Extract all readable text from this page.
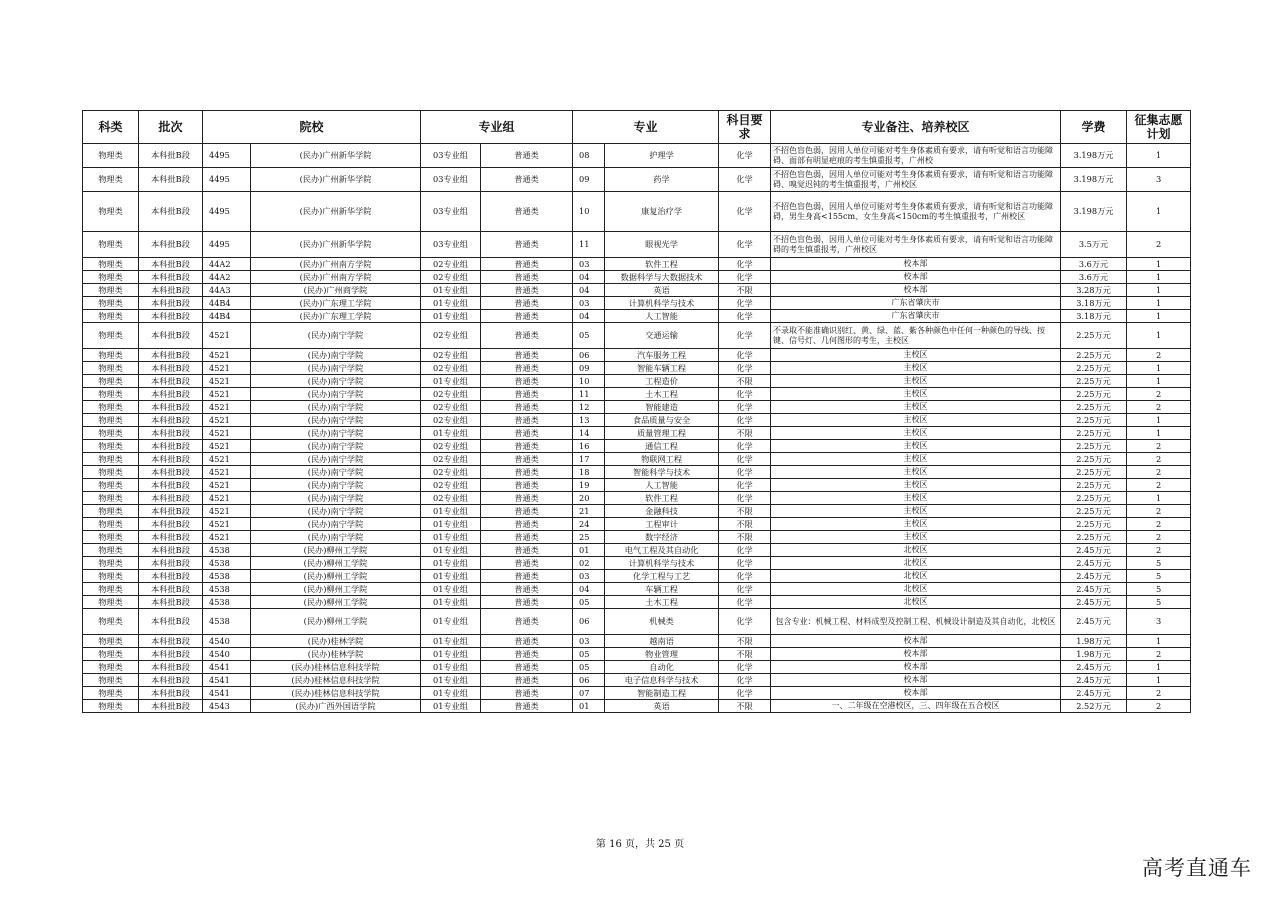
科类	批次	院校		专业组		专业		科目要求	专业备注、培养校区	学费	征集志愿计划
物理类	本科批B段	4495	(民办)广州新华学院	03专业组	普通类	08	护理学	化学	不招色盲色弱，因用人单位可能对考生身体素质有要求，请有听觉和语言功能障碍、面部有明显疤痕的考生慎重报考，广州校	3.198万元	1
物理类	本科批B段	4495	(民办)广州新华学院	03专业组	普通类	09	药学	化学	不招色盲色弱，因用人单位可能对考生身体素质有要求，请有听觉和语言功能障碍、嗅觉迟钝的考生慎重报考，广州校区	3.198万元	3
物理类	本科批B段	4495	(民办)广州新华学院	03专业组	普通类	10	康复治疗学	化学	不招色盲色弱，因用人单位可能对考生身体素质有要求，请有听觉和语言功能障碍，男生身高<155cm、女生身高<150cm的考生慎重报考，广州校区	3.198万元	1
物理类	本科批B段	4495	(民办)广州新华学院	03专业组	普通类	11	眼视光学	化学	不招色盲色弱，因用人单位可能对考生身体素质有要求，请有听觉和语言功能障碍的考生慎重报考，广州校区	3.5万元	2
物理类	本科批B段	44A2	(民办)广州南方学院	02专业组	普通类	03	软件工程	化学	校本部	3.6万元	1
物理类	本科批B段	44A2	(民办)广州南方学院	02专业组	普通类	04	数据科学与大数据技术	化学	校本部	3.6万元	1
物理类	本科批B段	44A3	(民办)广州商学院	01专业组	普通类	04	英语	不限	校本部	3.28万元	1
物理类	本科批B段	44B4	(民办)广东理工学院	01专业组	普通类	03	计算机科学与技术	化学	广东省肇庆市	3.18万元	1
物理类	本科批B段	44B4	(民办)广东理工学院	01专业组	普通类	04	人工智能	化学	广东省肇庆市	3.18万元	1
物理类	本科批B段	4521	(民办)南宁学院	02专业组	普通类	05	交通运输	化学	不录取不能准确识别红、黄、绿、蓝、紫各种颜色中任何一种颜色的导线、按键、信号灯、几何图形的考生，主校区	2.25万元	1
物理类	本科批B段	4521	(民办)南宁学院	02专业组	普通类	06	汽车服务工程	化学	主校区	2.25万元	2
物理类	本科批B段	4521	(民办)南宁学院	02专业组	普通类	09	智能车辆工程	化学	主校区	2.25万元	1
物理类	本科批B段	4521	(民办)南宁学院	01专业组	普通类	10	工程造价	不限	主校区	2.25万元	1
物理类	本科批B段	4521	(民办)南宁学院	02专业组	普通类	11	土木工程	化学	主校区	2.25万元	2
物理类	本科批B段	4521	(民办)南宁学院	02专业组	普通类	12	智能建造	化学	主校区	2.25万元	2
物理类	本科批B段	4521	(民办)南宁学院	02专业组	普通类	13	食品质量与安全	化学	主校区	2.25万元	1
物理类	本科批B段	4521	(民办)南宁学院	01专业组	普通类	14	质量管理工程	不限	主校区	2.25万元	1
物理类	本科批B段	4521	(民办)南宁学院	02专业组	普通类	16	通信工程	化学	主校区	2.25万元	2
物理类	本科批B段	4521	(民办)南宁学院	02专业组	普通类	17	物联网工程	化学	主校区	2.25万元	2
物理类	本科批B段	4521	(民办)南宁学院	02专业组	普通类	18	智能科学与技术	化学	主校区	2.25万元	2
物理类	本科批B段	4521	(民办)南宁学院	02专业组	普通类	19	人工智能	化学	主校区	2.25万元	2
物理类	本科批B段	4521	(民办)南宁学院	02专业组	普通类	20	软件工程	化学	主校区	2.25万元	1
物理类	本科批B段	4521	(民办)南宁学院	01专业组	普通类	21	金融科技	不限	主校区	2.25万元	2
物理类	本科批B段	4521	(民办)南宁学院	01专业组	普通类	24	工程审计	不限	主校区	2.25万元	2
物理类	本科批B段	4521	(民办)南宁学院	01专业组	普通类	25	数字经济	不限	主校区	2.25万元	2
物理类	本科批B段	4538	(民办)柳州工学院	01专业组	普通类	01	电气工程及其自动化	化学	北校区	2.45万元	2
物理类	本科批B段	4538	(民办)柳州工学院	01专业组	普通类	02	计算机科学与技术	化学	北校区	2.45万元	5
物理类	本科批B段	4538	(民办)柳州工学院	01专业组	普通类	03	化学工程与工艺	化学	北校区	2.45万元	5
物理类	本科批B段	4538	(民办)柳州工学院	01专业组	普通类	04	车辆工程	化学	北校区	2.45万元	5
物理类	本科批B段	4538	(民办)柳州工学院	01专业组	普通类	05	土木工程	化学	北校区	2.45万元	5
物理类	本科批B段	4538	(民办)柳州工学院	01专业组	普通类	06	机械类	化学	包含专业：机械工程、材料成型及控制工程、机械设计制造及其自动化，北校区	2.45万元	3
物理类	本科批B段	4540	(民办)桂林学院	01专业组	普通类	03	越南语	不限	校本部	1.98万元	1
物理类	本科批B段	4540	(民办)桂林学院	01专业组	普通类	05	物业管理	不限	校本部	1.98万元	2
物理类	本科批B段	4541	(民办)桂林信息科技学院	01专业组	普通类	05	自动化	化学	校本部	2.45万元	1
物理类	本科批B段	4541	(民办)桂林信息科技学院	01专业组	普通类	06	电子信息科学与技术	化学	校本部	2.45万元	1
物理类	本科批B段	4541	(民办)桂林信息科技学院	01专业组	普通类	07	智能制造工程	化学	校本部	2.45万元	2
物理类	本科批B段	4543	(民办)广西外国语学院	01专业组	普通类	01	英语	不限	一、二年级在空港校区，三、四年级在五合校区	2.52万元	2
第 16 页，共 25 页
高考直通车
